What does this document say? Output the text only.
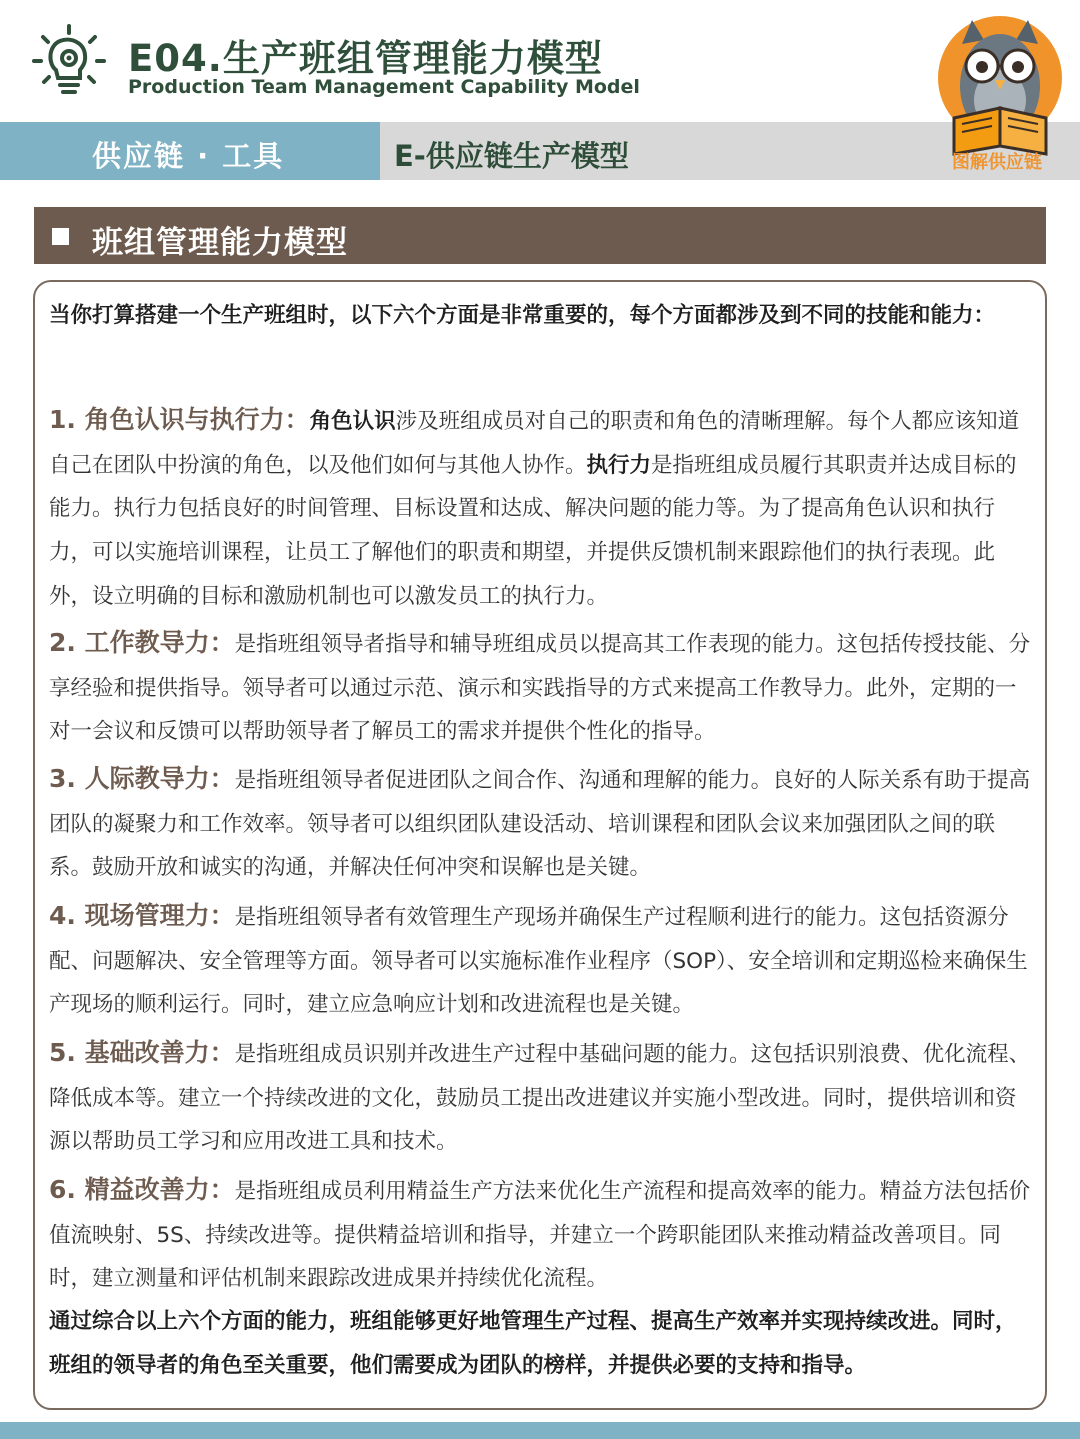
E04.生产班组管理能力模型
Production Team Management Capability Model
供应链 · 工具	E-供应链生产模型	图解供应链
班组管理能力模型
当你打算搭建一个生产班组时，以下六个方面是非常重要的，每个方面都涉及到不同的技能和能力：
1. 角色认识与执行力：角色认识涉及班组成员对自己的职责和角色的清晰理解。每个人都应该知道自己在团队中扮演的角色，以及他们如何与其他人协作。执行力是指班组成员履行其职责并达成目标的能力。执行力包括良好的时间管理、目标设置和达成、解决问题的能力等。为了提高角色认识和执行力，可以实施培训课程，让员工了解他们的职责和期望，并提供反馈机制来跟踪他们的执行表现。此外，设立明确的目标和激励机制也可以激发员工的执行力。
2. 工作教导力：是指班组领导者指导和辅导班组成员以提高其工作表现的能力。这包括传授技能、分享经验和提供指导。领导者可以通过示范、演示和实践指导的方式来提高工作教导力。此外，定期的一对一会议和反馈可以帮助领导者了解员工的需求并提供个性化的指导。
3. 人际教导力：是指班组领导者促进团队之间合作、沟通和理解的能力。良好的人际关系有助于提高团队的凝聚力和工作效率。领导者可以组织团队建设活动、培训课程和团队会议来加强团队之间的联系。鼓励开放和诚实的沟通，并解决任何冲突和误解也是关键。
4. 现场管理力：是指班组领导者有效管理生产现场并确保生产过程顺利进行的能力。这包括资源分配、问题解决、安全管理等方面。领导者可以实施标准作业程序（SOP）、安全培训和定期巡检来确保生产现场的顺利运行。同时，建立应急响应计划和改进流程也是关键。
5. 基础改善力：是指班组成员识别并改进生产过程中基础问题的能力。这包括识别浪费、优化流程、降低成本等。建立一个持续改进的文化，鼓励员工提出改进建议并实施小型改进。同时，提供培训和资源以帮助员工学习和应用改进工具和技术。
6. 精益改善力：是指班组成员利用精益生产方法来优化生产流程和提高效率的能力。精益方法包括价值流映射、5S、持续改进等。提供精益培训和指导，并建立一个跨职能团队来推动精益改善项目。同时，建立测量和评估机制来跟踪改进成果并持续优化流程。
通过综合以上六个方面的能力，班组能够更好地管理生产过程、提高生产效率并实现持续改进。同时，班组的领导者的角色至关重要，他们需要成为团队的榜样，并提供必要的支持和指导。
